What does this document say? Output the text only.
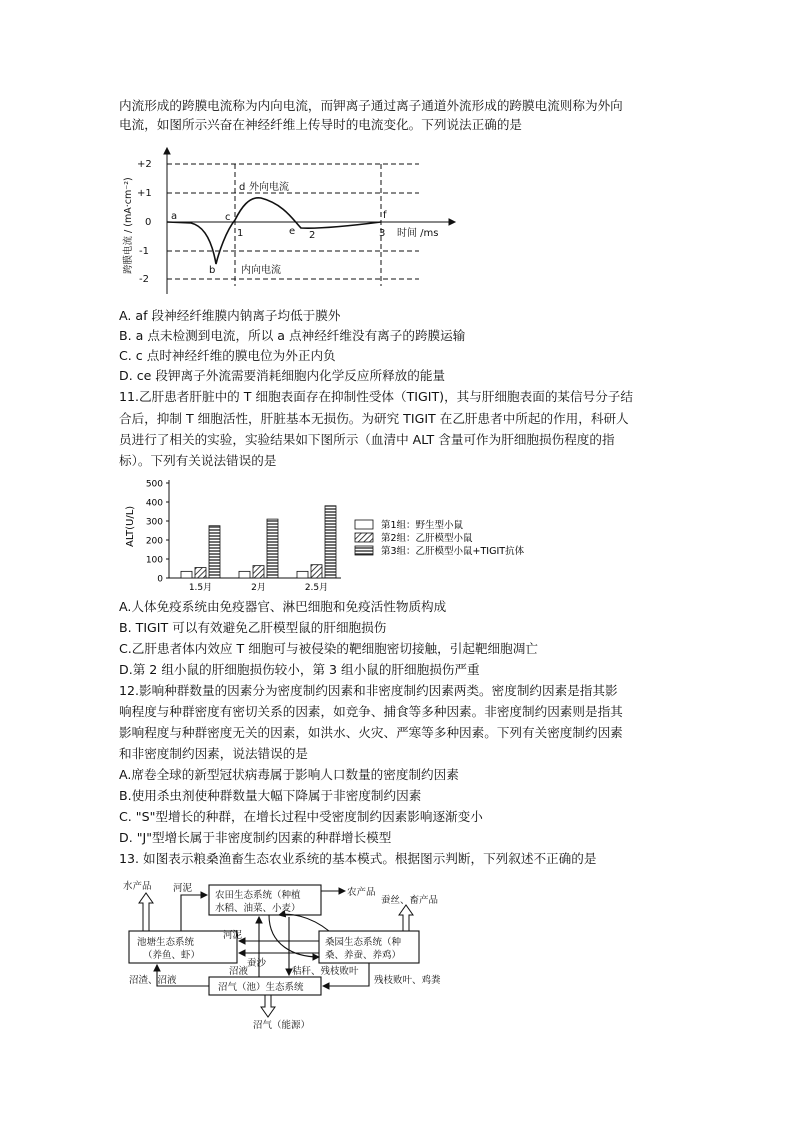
内流形成的跨膜电流称为内向电流，而钾离子通过离子通道外流形成的跨膜电流则称为外向
电流，如图所示兴奋在神经纤维上传导时的电流变化。下列说法正确的是
+2
+1
0
-1
-2
1	2	3 时间 /ms
外向电流
内向电流
a
b
c
d
e
f
跨膜电流 / (mA·cm⁻²)
A. af 段神经纤维膜内钠离子均低于膜外
B. a 点未检测到电流，所以 a 点神经纤维没有离子的跨膜运输
C. c 点时神经纤维的膜电位为外正内负
D. ce 段钾离子外流需要消耗细胞内化学反应所释放的能量
11.乙肝患者肝脏中的 T 细胞表面存在抑制性受体（TIGIT)，其与肝细胞表面的某信号分子结
合后，抑制 T 细胞活性，肝脏基本无损伤。为研究 TIGIT 在乙肝患者中所起的作用，科研人
员进行了相关的实验，实验结果如下图所示（血清中 ALT 含量可作为肝细胞损伤程度的指
标）。下列有关说法错误的是
0
100
200
300
400
500
1.5月	2月	2.5月
ALT(U/L)	第1组：野生型小鼠
第2组：乙肝模型小鼠
第3组：乙肝模型小鼠+TIGIT抗体
A.人体免疫系统由免疫器官、淋巴细胞和免疫活性物质构成
B. TIGIT 可以有效避免乙肝模型鼠的肝细胞损伤
C.乙肝患者体内效应 T 细胞可与被侵染的靶细胞密切接触，引起靶细胞凋亡
D.第 2 组小鼠的肝细胞损伤较小，第 3 组小鼠的肝细胞损伤严重
12.影响种群数量的因素分为密度制约因素和非密度制约因素两类。密度制约因素是指其影
响程度与种群密度有密切关系的因素，如竞争、捕食等多种因素。非密度制约因素则是指其
影响程度与种群密度无关的因素，如洪水、火灾、严寒等多种因素。下列有关密度制约因素
和非密度制约因素，说法错误的是
A.席卷全球的新型冠状病毒属于影响人口数量的密度制约因素
B.使用杀虫剂使种群数量大幅下降属于非密度制约因素
C. "S"型增长的种群，在增长过程中受密度制约因素影响逐渐变小
D. "J"型增长属于非密度制约因素的种群增长模型
13. 如图表示粮桑渔畜生态农业系统的基本模式。根据图示判断，下列叙述不正确的是
农田生态系统（种植
水稻、油菜、小麦）
池塘生态系统
（养鱼、虾）
桑园生态系统（种
桑、养蚕、养鸡）
沼气（池）生态系统
水产品
农产品
蚕丝、畜产品
河泥
河泥
蚕沙
沼液	秸秆、残枝败叶
沼渣、沼液	残枝败叶、鸡粪
沼气（能源）
